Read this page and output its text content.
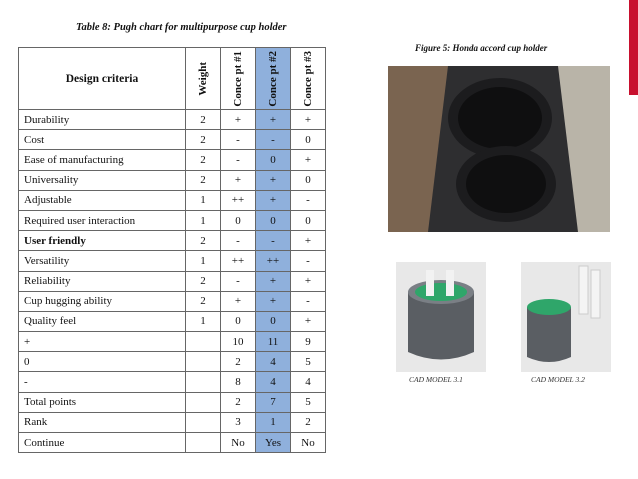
Table 8: Pugh chart for multipurpose cup holder
Design criteria	Weight	Conce pt #1	Conce pt #2	Conce pt #3

Durability	2	+	+	+
Cost	2	-	-	0
Ease of manufacturing	2	-	0	+
Universality	2	+	+	0
Adjustable	1	++	+	-
Required user interaction	1	0	0	0
User friendly	2	-	-	+
Versatility	1	++	++	-
Reliability	2	-	+	+
Cup hugging ability	2	+	+	-
Quality feel	1	0	0	+
+		10	11	9
0		2	4	5
-		8	4	4
Total points		2	7	5
Rank		3	1	2
Continue		No	Yes	No
Figure 5: Honda accord cup holder
CAD MODEL 3.1	CAD MODEL 3.2
